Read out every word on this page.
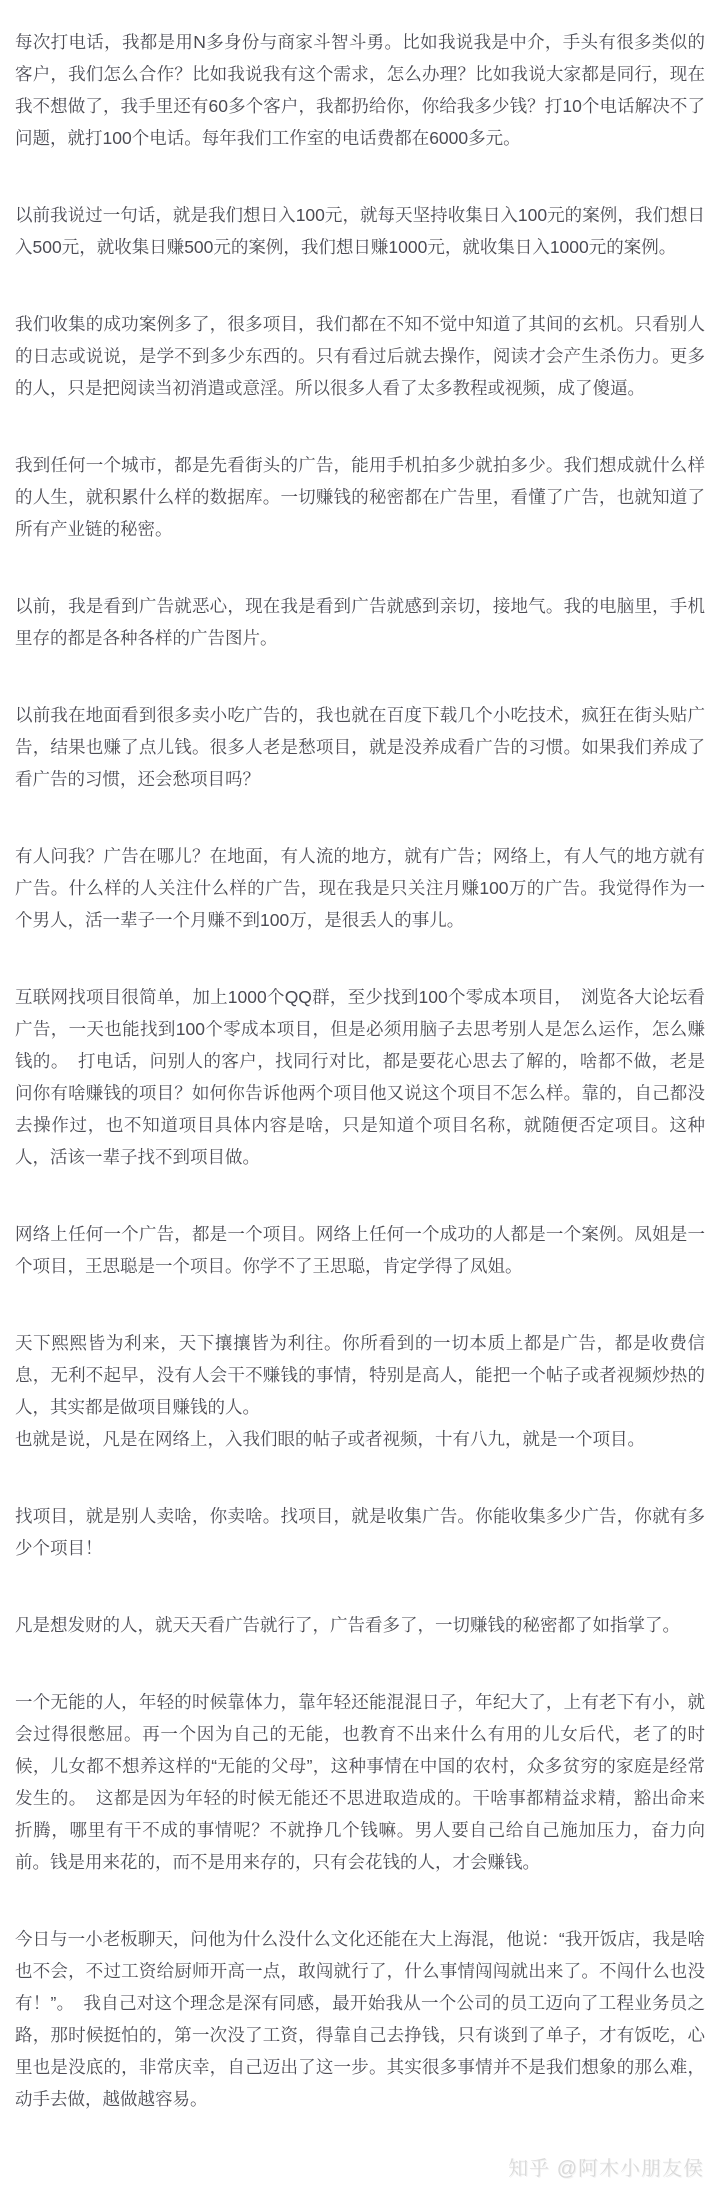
每次打电话，我都是用N多身份与商家斗智斗勇。比如我说我是中介，手头有很多类似的客户，我们怎么合作？比如我说我有这个需求，怎么办理？比如我说大家都是同行，现在我不想做了，我手里还有60多个客户，我都扔给你，你给我多少钱？打10个电话解决不了问题，就打100个电话。每年我们工作室的电话费都在6000多元。

以前我说过一句话，就是我们想日入100元，就每天坚持收集日入100元的案例，我们想日入500元，就收集日赚500元的案例，我们想日赚1000元，就收集日入1000元的案例。

我们收集的成功案例多了，很多项目，我们都在不知不觉中知道了其间的玄机。只看别人的日志或说说，是学不到多少东西的。只有看过后就去操作，阅读才会产生杀伤力。更多的人，只是把阅读当初消遣或意淫。所以很多人看了太多教程或视频，成了傻逼。

我到任何一个城市，都是先看街头的广告，能用手机拍多少就拍多少。我们想成就什么样的人生，就积累什么样的数据库。一切赚钱的秘密都在广告里，看懂了广告，也就知道了所有产业链的秘密。

以前，我是看到广告就恶心，现在我是看到广告就感到亲切，接地气。我的电脑里，手机里存的都是各种各样的广告图片。

以前我在地面看到很多卖小吃广告的，我也就在百度下载几个小吃技术，疯狂在街头贴广告，结果也赚了点儿钱。很多人老是愁项目，就是没养成看广告的习惯。如果我们养成了看广告的习惯，还会愁项目吗？

有人问我？广告在哪儿？在地面，有人流的地方，就有广告；网络上，有人气的地方就有广告。什么样的人关注什么样的广告，现在我是只关注月赚100万的广告。我觉得作为一个男人，活一辈子一个月赚不到100万，是很丢人的事儿。

互联网找项目很简单，加上1000个QQ群，至少找到100个零成本项目，　浏览各大论坛看广告，一天也能找到100个零成本项目，但是必须用脑子去思考别人是怎么运作，怎么赚钱的。　打电话，问别人的客户，找同行对比，都是要花心思去了解的，啥都不做，老是问你有啥赚钱的项目？如何你告诉他两个项目他又说这个项目不怎么样。靠的，自己都没去操作过，也不知道项目具体内容是啥，只是知道个项目名称，就随便否定项目。这种人，活该一辈子找不到项目做。

网络上任何一个广告，都是一个项目。网络上任何一个成功的人都是一个案例。凤姐是一个项目，王思聪是一个项目。你学不了王思聪，肯定学得了凤姐。

天下熙熙皆为利来，天下攘攘皆为利往。你所看到的一切本质上都是广告，都是收费信息，无利不起早，没有人会干不赚钱的事情，特别是高人，能把一个帖子或者视频炒热的人，其实都是做项目赚钱的人。

也就是说，凡是在网络上，入我们眼的帖子或者视频，十有八九，就是一个项目。

找项目，就是别人卖啥，你卖啥。找项目，就是收集广告。你能收集多少广告，你就有多少个项目！

凡是想发财的人，就天天看广告就行了，广告看多了，一切赚钱的秘密都了如指掌了。

一个无能的人，年轻的时候靠体力，靠年轻还能混混日子，年纪大了，上有老下有小，就会过得很憋屈。再一个因为自己的无能，也教育不出来什么有用的儿女后代，老了的时候，儿女都不想养这样的“无能的父母”，这种事情在中国的农村，众多贫穷的家庭是经常发生的。　这都是因为年轻的时候无能还不思进取造成的。干啥事都精益求精，豁出命来折腾，哪里有干不成的事情呢？不就挣几个钱嘛。男人要自己给自己施加压力，奋力向前。钱是用来花的，而不是用来存的，只有会花钱的人，才会赚钱。

今日与一小老板聊天，问他为什么没什么文化还能在大上海混，他说：“我开饭店，我是啥也不会，不过工资给厨师开高一点，敢闯就行了，什么事情闯闯就出来了。不闯什么也没有！”。　我自己对这个理念是深有同感，最开始我从一个公司的员工迈向了工程业务员之路，那时候挺怕的，第一次没了工资，得靠自己去挣钱，只有谈到了单子，才有饭吃，心里也是没底的，非常庆幸，自己迈出了这一步。其实很多事情并不是我们想象的那么难，动手去做，越做越容易。

知乎 @阿木小朋友侯
